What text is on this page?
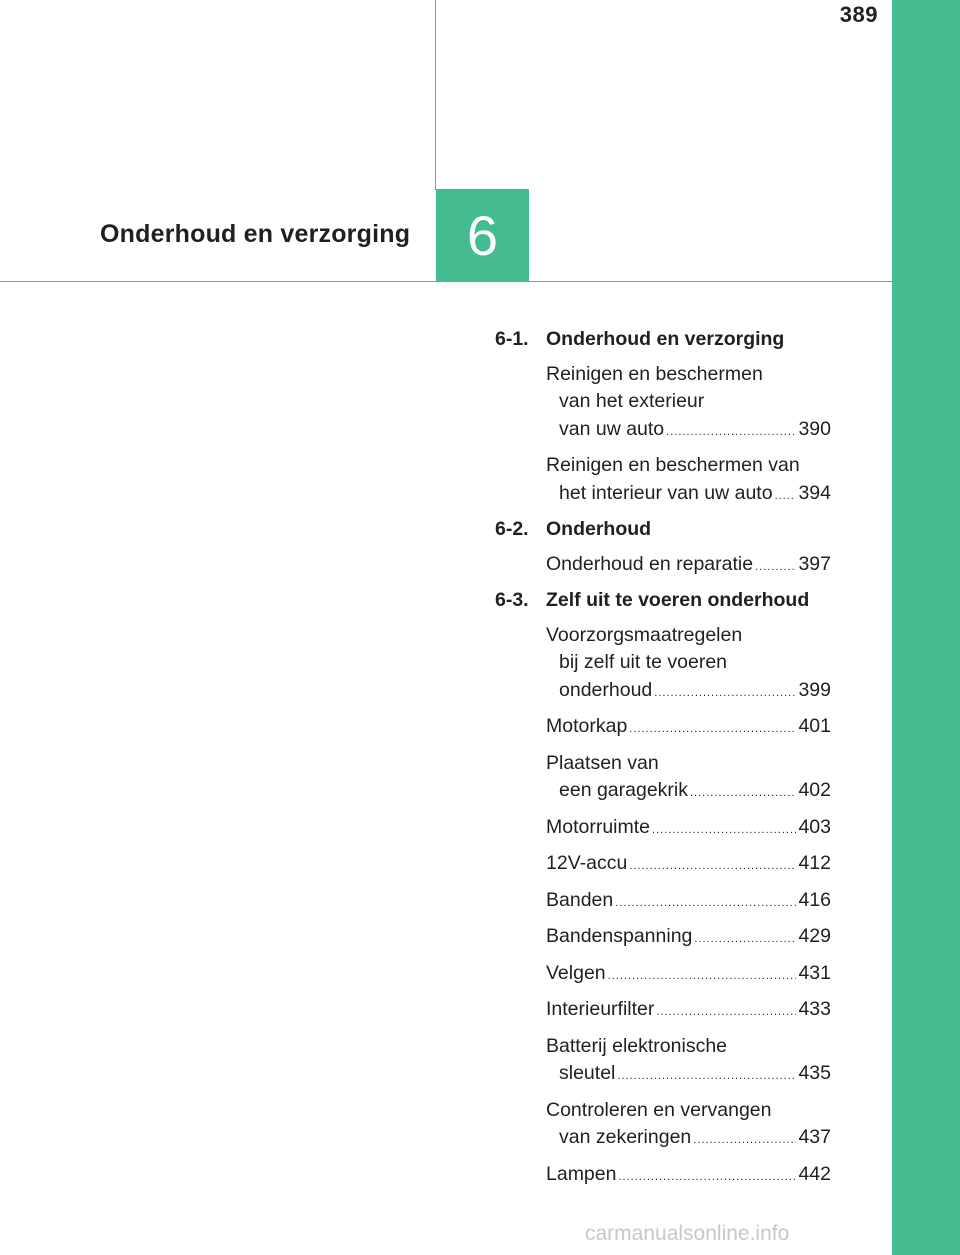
389
Onderhoud en verzorging 6
6-1. Onderhoud en verzorging
Reinigen en beschermen
van het exterieur
van uw auto .....	390
Reinigen en beschermen van
het interieur van uw auto ..... 394
6-2. Onderhoud
Onderhoud en reparatie ..... 397
6-3. Zelf uit te voeren onderhoud
Voorzorgsmaatregelen
bij zelf uit te voeren
onderhoud .....	399
Motorkap .....	401
Plaatsen van
een garagekrik .....	402
Motorruimte .....	403
12V-accu .....	412
Banden .....	416
Bandenspanning .....	429
Velgen .....	431
Interieurfilter .....	433
Batterij elektronische
sleutel .....	435
Controleren en vervangen
van zekeringen .....	437
Lampen .....	442
carmanualsonline.info
